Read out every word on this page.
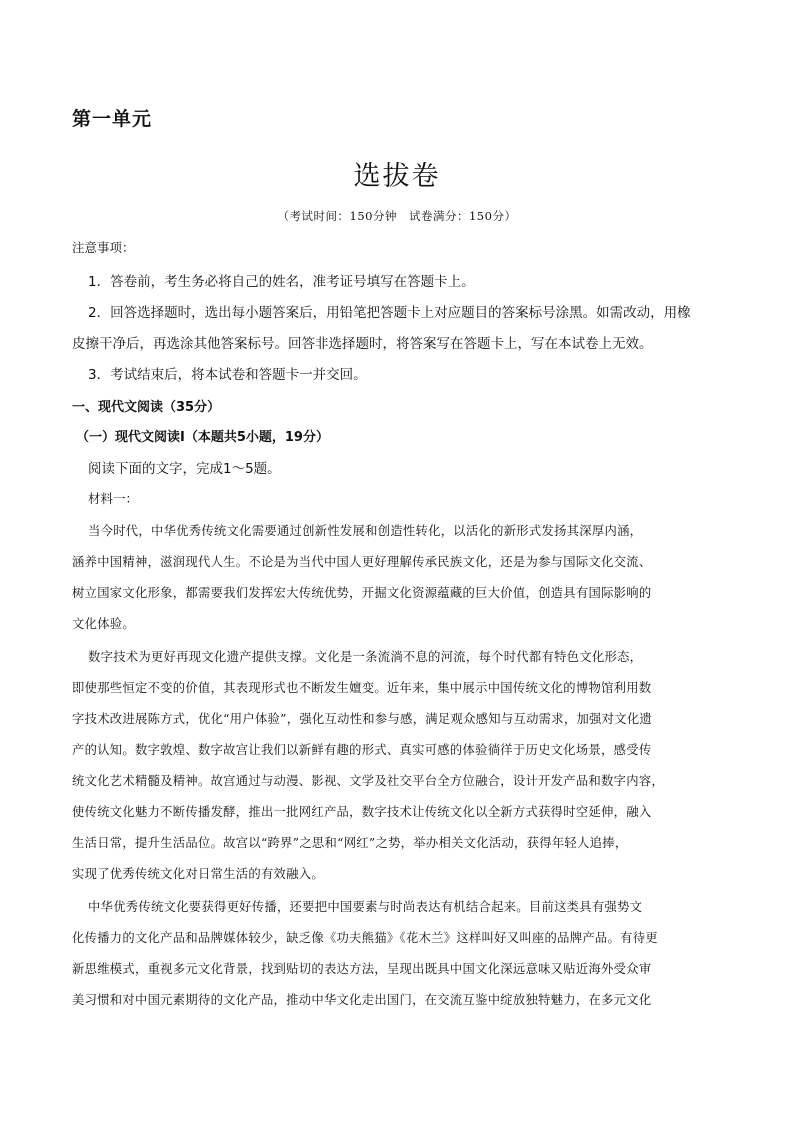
第一单元
选拔卷
（考试时间：150分钟　试卷满分：150分）
注意事项：
1．答卷前，考生务必将自己的姓名，准考证号填写在答题卡上。
2．回答选择题时，选出每小题答案后，用铅笔把答题卡上对应题目的答案标号涂黑。如需改动，用橡
皮擦干净后，再选涂其他答案标号。回答非选择题时，将答案写在答题卡上，写在本试卷上无效。
3．考试结束后，将本试卷和答题卡一并交回。
一、现代文阅读（35分）
（一）现代文阅读Ⅰ（本题共5小题，19分）
阅读下面的文字，完成1～5题。
材料一：
当今时代，中华优秀传统文化需要通过创新性发展和创造性转化，以活化的新形式发扬其深厚内涵，
涵养中国精神，滋润现代人生。不论是为当代中国人更好理解传承民族文化，还是为参与国际文化交流、
树立国家文化形象，都需要我们发挥宏大传统优势，开掘文化资源蕴藏的巨大价值，创造具有国际影响的
文化体验。
数字技术为更好再现文化遗产提供支撑。文化是一条流淌不息的河流，每个时代都有特色文化形态，
即使那些恒定不变的价值，其表现形式也不断发生嬗变。近年来，集中展示中国传统文化的博物馆利用数
字技术改进展陈方式，优化“用户体验”，强化互动性和参与感，满足观众感知与互动需求，加强对文化遗
产的认知。数字敦煌、数字故宫让我们以新鲜有趣的形式、真实可感的体验徜徉于历史文化场景，感受传
统文化艺术精髓及精神。故宫通过与动漫、影视、文学及社交平台全方位融合，设计开发产品和数字内容，
使传统文化魅力不断传播发酵，推出一批网红产品，数字技术让传统文化以全新方式获得时空延伸，融入
生活日常，提升生活品位。故宫以“跨界”之思和“网红”之势，举办相关文化活动，获得年轻人追捧，
实现了优秀传统文化对日常生活的有效融入。
中华优秀传统文化要获得更好传播，还要把中国要素与时尚表达有机结合起来。目前这类具有强势文
化传播力的文化产品和品牌媒体较少，缺乏像《功夫熊猫》《花木兰》这样叫好又叫座的品牌产品。有待更
新思维模式，重视多元文化背景，找到贴切的表达方法，呈现出既具中国文化深远意味又贴近海外受众审
美习惯和对中国元素期待的文化产品，推动中华文化走出国门，在交流互鉴中绽放独特魅力，在多元文化
